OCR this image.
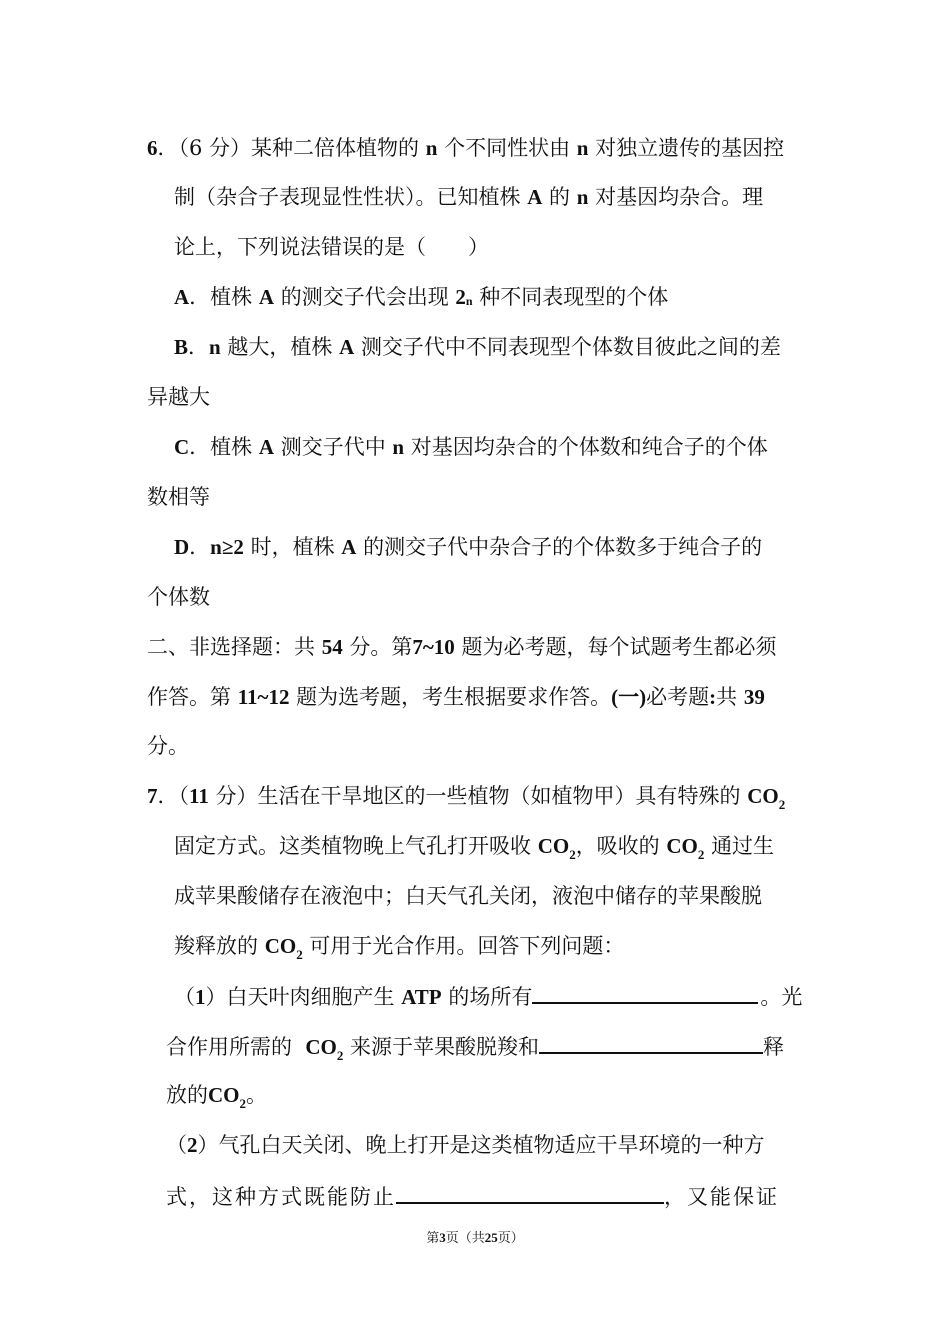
6．（6 分）某种二倍体植物的 n 个不同性状由 n 对独立遗传的基因控
制（杂合子表现显性性状）。已知植株 A 的 n 对基因均杂合。理
论上，下列说法错误的是（　　）
A．植株 A 的测交子代会出现 2n 种不同表现型的个体
B．n 越大，植株 A 测交子代中不同表现型个体数目彼此之间的差
异越大
C．植株 A 测交子代中 n 对基因均杂合的个体数和纯合子的个体
数相等
D．n≥2 时，植株 A 的测交子代中杂合子的个体数多于纯合子的
个体数
二、非选择题：共 54 分。第7~10 题为必考题，每个试题考生都必须
作答。第 11~12 题为选考题，考生根据要求作答。(一)必考题:共 39
分。
7．（11 分）生活在干旱地区的一些植物（如植物甲）具有特殊的 $CO_2$
固定方式。这类植物晚上气孔打开吸收 $CO_2$，吸收的 $CO_2$ 通过生
成苹果酸储存在液泡中；白天气孔关闭，液泡中储存的苹果酸脱
羧释放的 $CO_2$ 可用于光合作用。回答下列问题：
（1）白天叶肉细胞产生 ATP 的场所有	。光
合作用所需的 $CO_2$ 来源于苹果酸脱羧和	释
放的$CO_2$。
（2）气孔白天关闭、晚上打开是这类植物适应干旱环境的一种方
式，这种方式既能防止	，又能保证
第3页（共25页）
